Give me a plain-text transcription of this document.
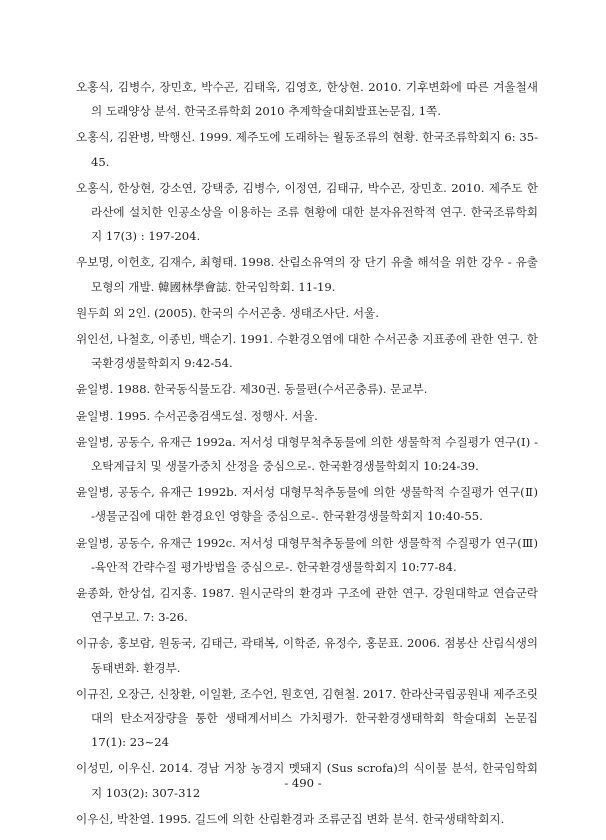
오홍식, 김병수, 장민호, 박수곤, 김태욱, 김영호, 한상현. 2010. 기후변화에 따른 겨울철새의 도래양상 분석. 한국조류학회 2010 추계학술대회발표논문집, 1쪽.

오홍식, 김완병, 박행신. 1999. 제주도에 도래하는 월동조류의 현황. 한국조류학회지 6: 35-45.

오홍식, 한상현, 강소연, 강택중, 김병수, 이정연, 김태규, 박수곤, 장민호. 2010. 제주도 한라산에 설치한 인공소상을 이용하는 조류 현황에 대한 분자유전학적 연구. 한국조류학회지 17(3) : 197-204.

우보명, 이헌호, 김재수, 최형태. 1998. 산림소유역의 장 단기 유출 해석을 위한 강우 - 유출모형의 개발. 韓國林學會誌. 한국임학회. 11-19.

원두희 외 2인. (2005). 한국의 수서곤충. 생태조사단. 서울.

위인선, 나철호, 이종빈, 백순기. 1991. 수환경오염에 대한 수서곤충 지표종에 관한 연구. 한국환경생물학회지 9:42-54.

윤일병. 1988. 한국동식물도감. 제30권. 동물편(수서곤충류). 문교부.

윤일병. 1995. 수서곤충검색도설. 정행사. 서울.

윤일병, 공동수, 유재근 1992a. 저서성 대형무척추동물에 의한 생물학적 수질평가 연구(Ⅰ) -오탁계급치 및 생물가중치 산정을 중심으로-. 한국환경생물학회지 10:24-39.

윤일병, 공동수, 유재근 1992b. 저서성 대형무척추동물에 의한 생물학적 수질평가 연구(Ⅱ) -생물군집에 대한 환경요인 영향을 중심으로-. 한국환경생물학회지 10:40-55.

윤일병, 공동수, 유재근 1992c. 저서성 대형무척추동물에 의한 생물학적 수질평가 연구(Ⅲ) -육안적 간략수질 평가방법을 중심으로-. 한국환경생물학회지 10:77-84.

윤종화, 한상섭, 김지홍. 1987. 원시군락의 환경과 구조에 관한 연구. 강원대학교 연습군락연구보고. 7: 3-26.

이규송, 홍보람, 원동국, 김태근, 곽태복, 이학준, 유정수, 홍문표. 2006. 점봉산 산림식생의 동태변화. 환경부.

이규진, 오장근, 신창환, 이일환, 조수언, 원호연, 김현철. 2017. 한라산국립공원내 제주조릿대의 탄소저장량을 통한 생태계서비스 가치평가. 한국환경생태학회 학술대회 논문집 17(1): 23~24

이성민, 이우신. 2014. 경남 거창 농경지 멧돼지 (Sus scrofa)의 식이물 분석, 한국임학회지 103(2): 307-312

이우신, 박찬열. 1995. 길드에 의한 산림환경과 조류군집 변화 분석. 한국생태학회지.

- 490 -
